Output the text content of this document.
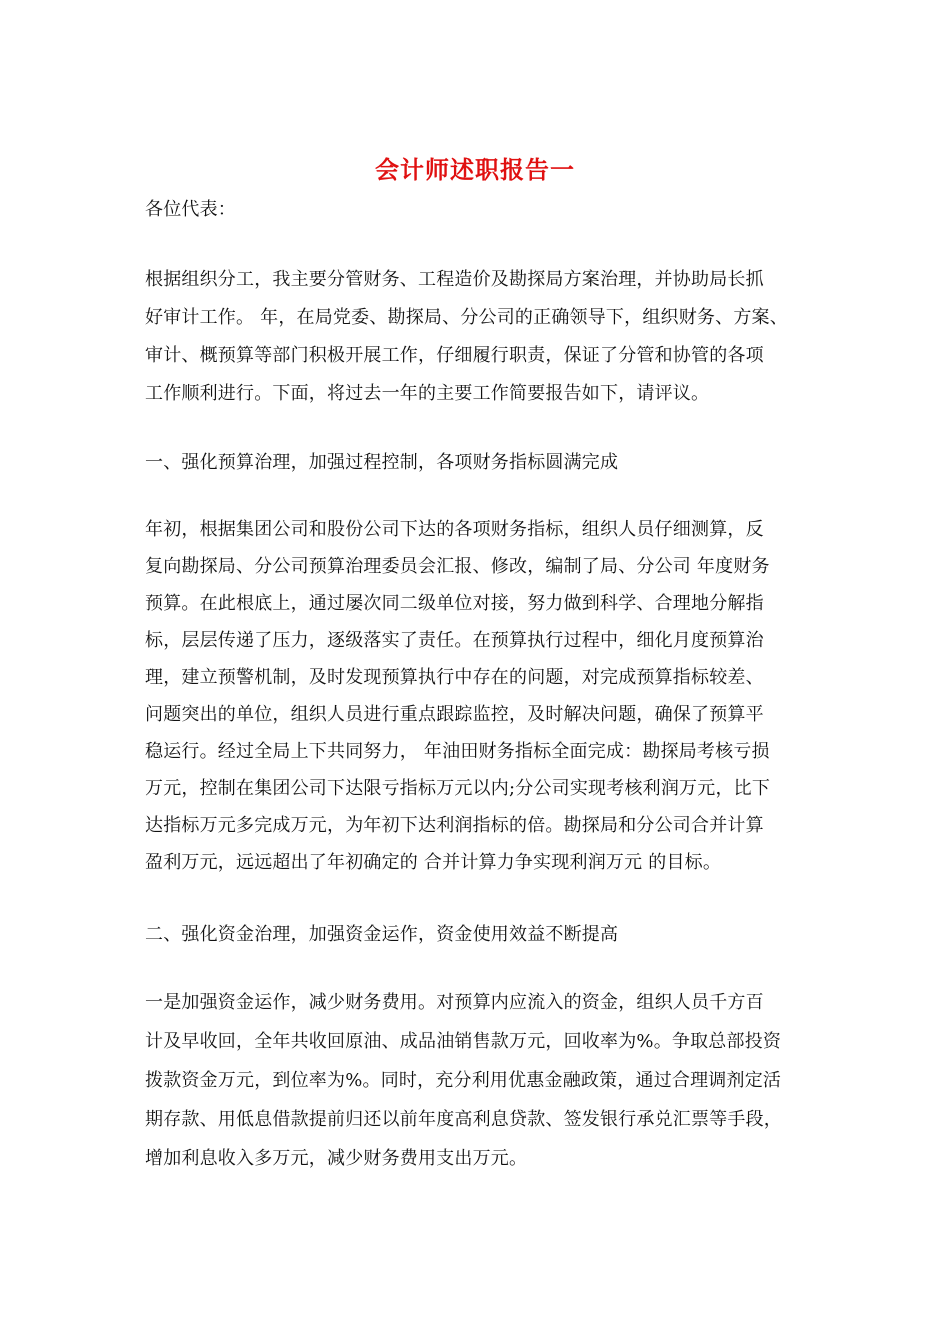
会计师述职报告一
各位代表：
根据组织分工，我主要分管财务、工程造价及勘探局方案治理，并协助局长抓
好审计工作。 年，在局党委、勘探局、分公司的正确领导下，组织财务、方案、
审计、概预算等部门积极开展工作，仔细履行职责，保证了分管和协管的各项
工作顺利进行。下面，将过去一年的主要工作简要报告如下，请评议。
一、强化预算治理，加强过程控制，各项财务指标圆满完成
年初，根据集团公司和股份公司下达的各项财务指标，组织人员仔细测算，反
复向勘探局、分公司预算治理委员会汇报、修改，编制了局、分公司 年度财务
预算。在此根底上，通过屡次同二级单位对接，努力做到科学、合理地分解指
标，层层传递了压力，逐级落实了责任。在预算执行过程中，细化月度预算治
理，建立预警机制，及时发现预算执行中存在的问题，对完成预算指标较差、
问题突出的单位，组织人员进行重点跟踪监控，及时解决问题，确保了预算平
稳运行。经过全局上下共同努力， 年油田财务指标全面完成：勘探局考核亏损
万元，控制在集团公司下达限亏指标万元以内;分公司实现考核利润万元，比下
达指标万元多完成万元，为年初下达利润指标的倍。勘探局和分公司合并计算
盈利万元，远远超出了年初确定的 合并计算力争实现利润万元 的目标。
二、强化资金治理，加强资金运作，资金使用效益不断提高
一是加强资金运作，减少财务费用。对预算内应流入的资金，组织人员千方百
计及早收回，全年共收回原油、成品油销售款万元，回收率为%。争取总部投资
拨款资金万元，到位率为%。同时，充分利用优惠金融政策，通过合理调剂定活
期存款、用低息借款提前归还以前年度高利息贷款、签发银行承兑汇票等手段，
增加利息收入多万元，减少财务费用支出万元。
